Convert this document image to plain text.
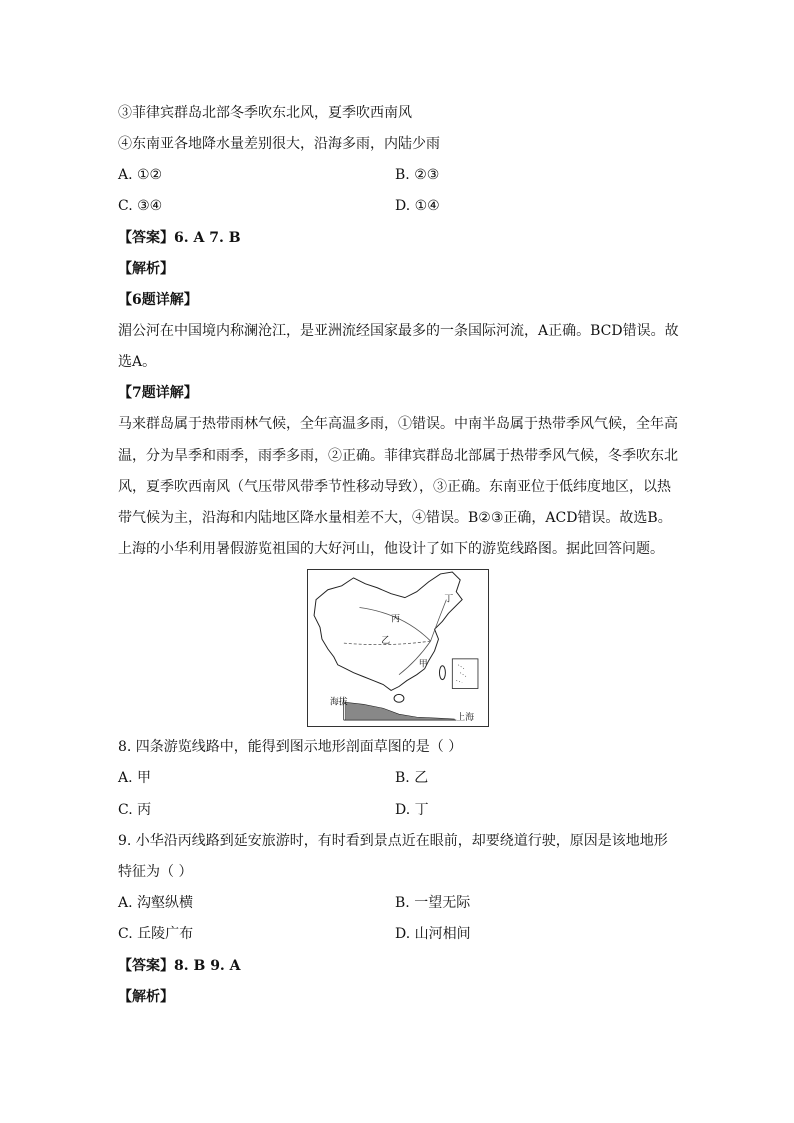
③菲律宾群岛北部冬季吹东北风，夏季吹西南风
④东南亚各地降水量差别很大，沿海多雨，内陆少雨
A. ①②	B. ②③
C. ③④	D. ①④
【答案】6. A 7. B
【解析】
【6题详解】
湄公河在中国境内称澜沧江，是亚洲流经国家最多的一条国际河流，A正确。BCD错误。故
选A。
【7题详解】
马来群岛属于热带雨林气候，全年高温多雨，①错误。中南半岛属于热带季风气候，全年高
温，分为旱季和雨季，雨季多雨，②正确。菲律宾群岛北部属于热带季风气候，冬季吹东北
风，夏季吹西南风（气压带风带季节性移动导致），③正确。东南亚位于低纬度地区，以热
带气候为主，沿海和内陆地区降水量相差不大，④错误。B②③正确，ACD错误。故选B。
上海的小华利用暑假游览祖国的大好河山，他设计了如下的游览线路图。据此回答问题。
丁
丙
乙
甲
海拔
上海
8. 四条游览线路中，能得到图示地形剖面草图的是（ ）
A. 甲	B. 乙
C. 丙	D. 丁
9. 小华沿丙线路到延安旅游时，有时看到景点近在眼前，却要绕道行驶，原因是该地地形
特征为（ ）
A. 沟壑纵横	B. 一望无际
C. 丘陵广布	D. 山河相间
【答案】8. B 9. A
【解析】
